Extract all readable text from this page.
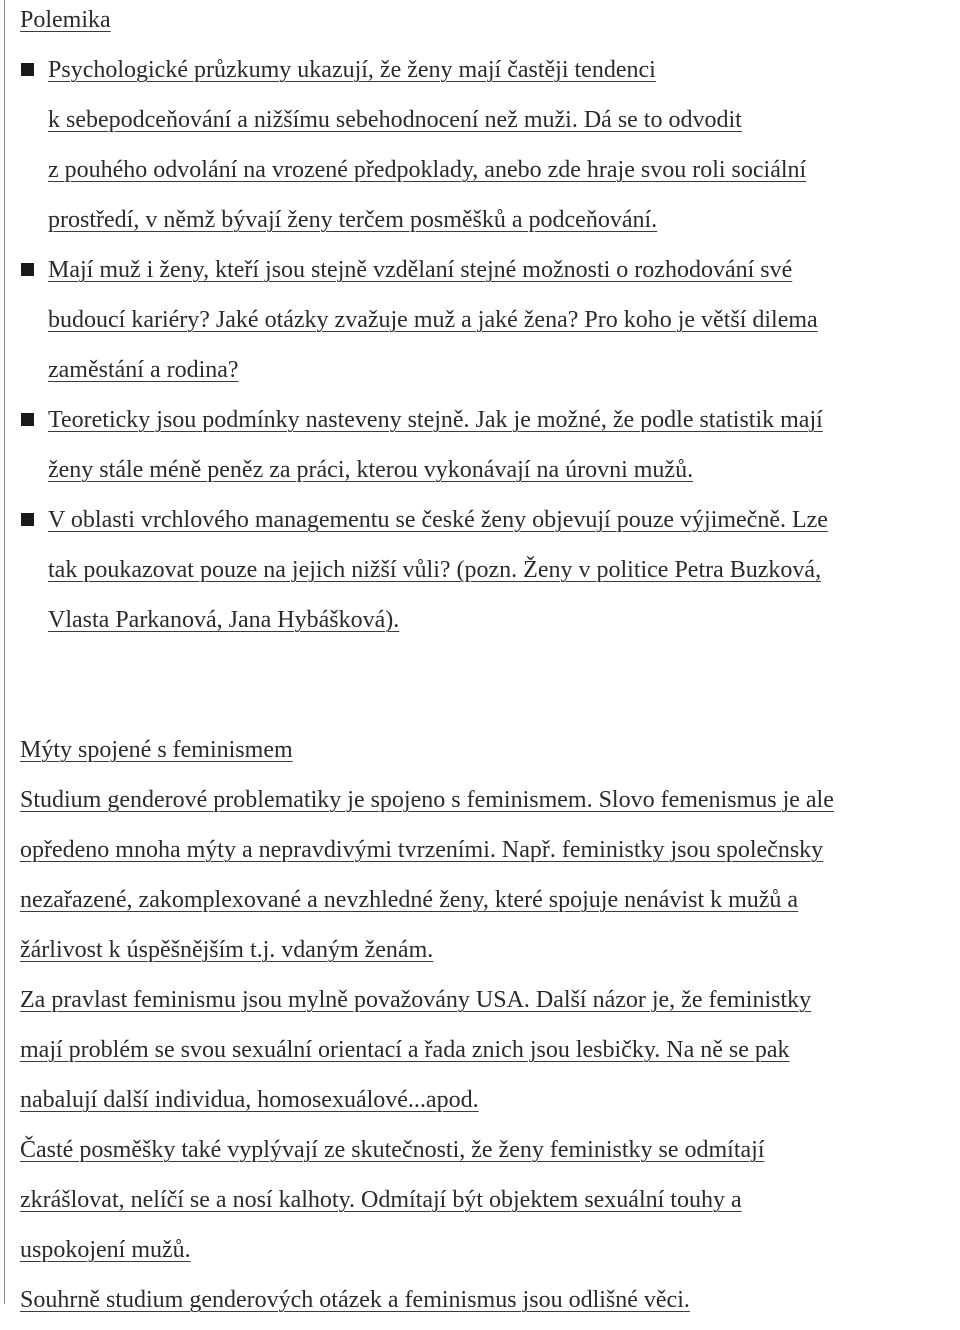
Polemika
Psychologické průzkumy ukazují, že ženy mají častěji tendenci
k sebepodceňování a nižšímu sebehodnocení než muži. Dá se to odvodit
z pouhého odvolání na vrozené předpoklady, anebo zde hraje svou roli sociální
prostředí, v němž bývají ženy terčem posměšků a podceňování.
Mají muž i ženy, kteří jsou stejně vzdělaní stejné možnosti o rozhodování své
budoucí kariéry? Jaké otázky zvažuje muž a jaké žena? Pro koho je větší dilema
zaměstání a rodina?
Teoreticky jsou podmínky nasteveny stejně. Jak je možné, že podle statistik mají
ženy stále méně peněz za práci, kterou vykonávají na úrovni mužů.
V oblasti vrchlového managementu se české ženy objevují pouze výjimečně. Lze
tak poukazovat pouze na jejich nižší vůli? (pozn. Ženy v politice Petra Buzková,
Vlasta Parkanová, Jana Hybášková).
Mýty spojené s feminismem
Studium genderové problematiky je spojeno s feminismem. Slovo femenismus je ale
opředeno mnoha mýty a nepravdivými tvrzeními. Např. feministky jsou společnsky
nezařazené, zakomplexované a nevzhledné ženy, které spojuje nenávist k mužů a
žárlivost k úspěšnějším t.j. vdaným ženám.
Za pravlast feminismu jsou mylně považovány USA. Další názor je, že feministky
mají problém se svou sexuální orientací a řada znich jsou lesbičky. Na ně se pak
nabalují další individua, homosexuálové...apod.
Časté posměšky také vyplývají ze skutečnosti, že ženy feministky se odmítají
zkrášlovat, nelíčí se a nosí kalhoty. Odmítají být objektem sexuální touhy a
uspokojení mužů.
Souhrně studium genderových otázek a feminismus jsou odlišné věci.
